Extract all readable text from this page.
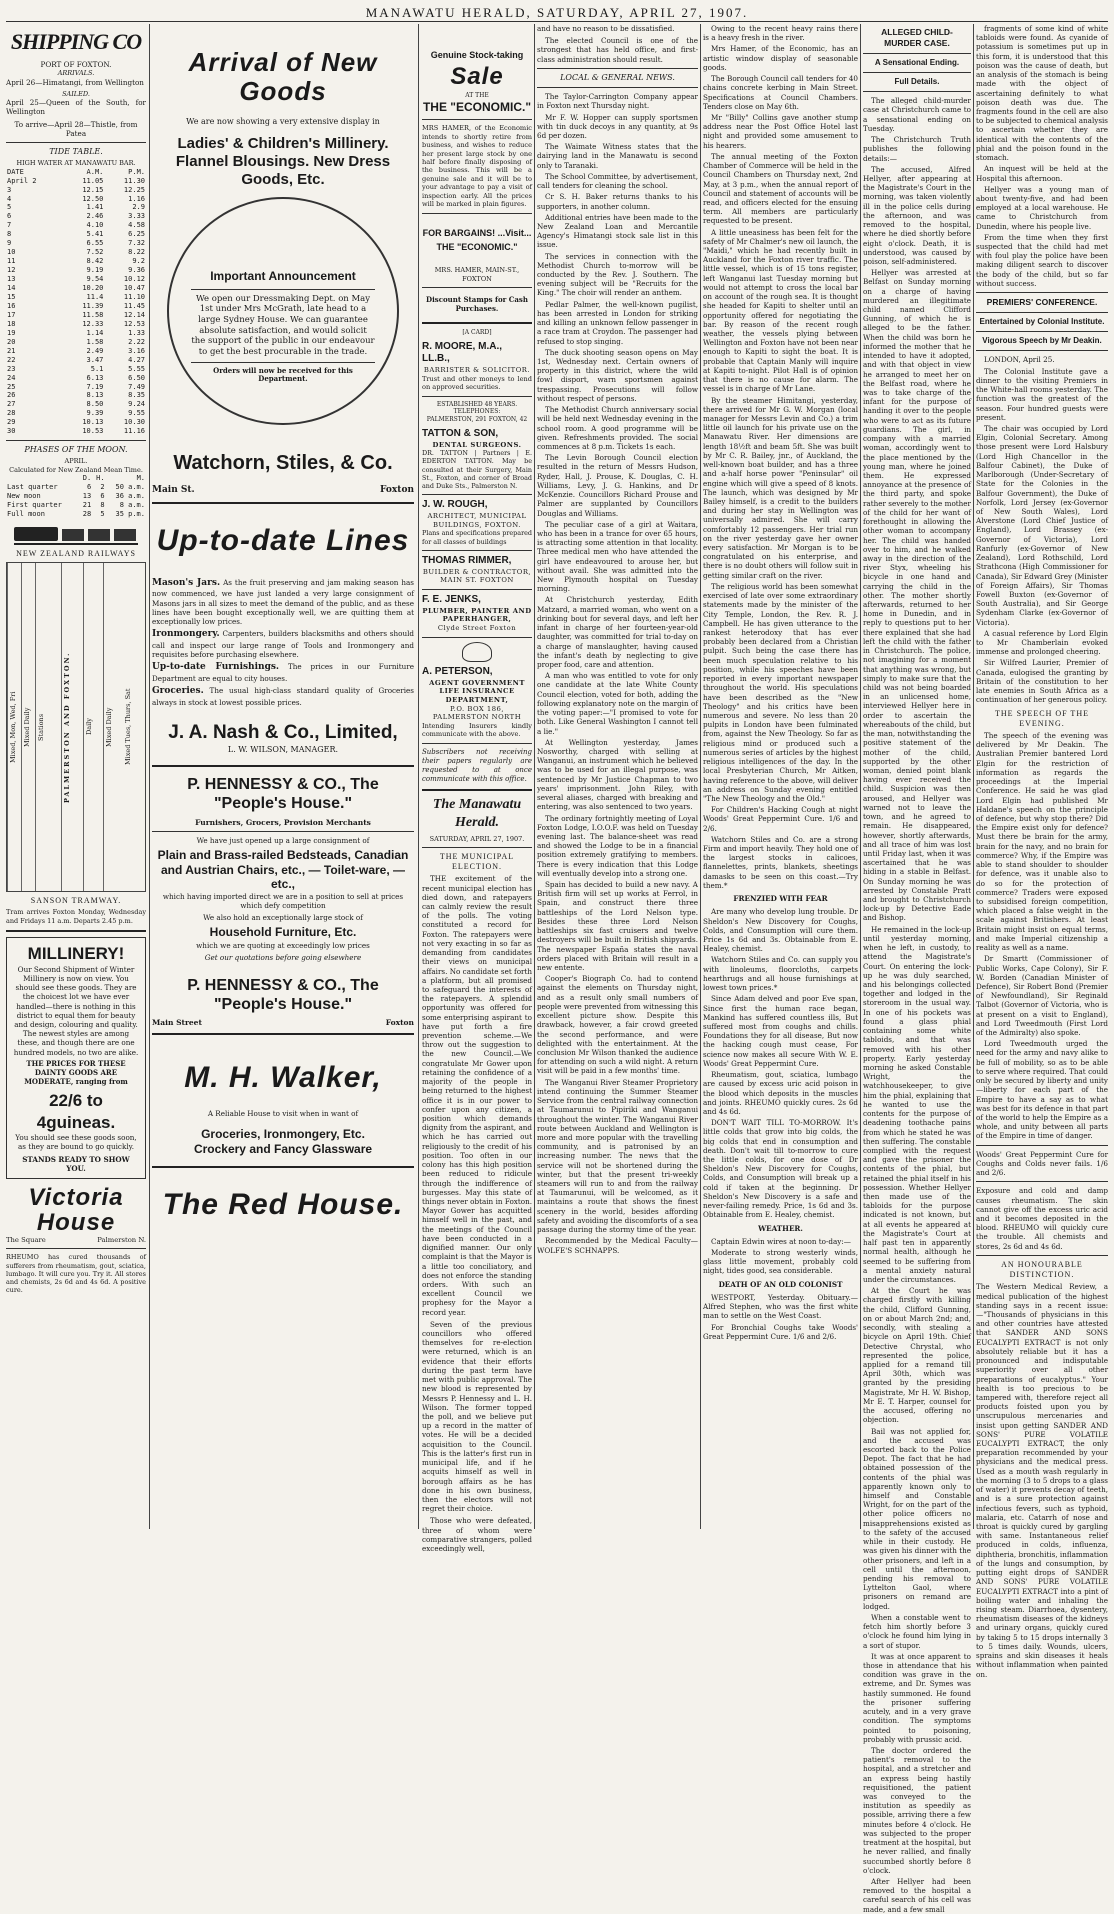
MANAWATU HERALD, SATURDAY, APRIL 27, 1907.
SHIPPING CO
PORT OF FOXTON.
ARRIVALS.

April 26—Himatangi, from Wellington

SAILED.

April 25—Queen of the South, for Wellington

To arrive—April 28—Thistle, from Patea

TIDE TABLE.
HIGH WATER AT MANAWATU BAR.
DATE	A.M.	P.M.
April 2	11.05	11.30
3	12.15	12.25
4	12.50	1.16
5	1.41	2.9
6	2.46	3.33
7	4.10	4.58
8	5.41	6.25
9	6.55	7.32
10	7.52	8.22
11	8.42	9.2
12	9.19	9.36
13	9.54	10.12
14	10.20	10.47
15	11.4	11.10
16	11.39	11.45
17	11.58	12.14
18	12.33	12.53
19	1.14	1.33
20	1.58	2.22
21	2.49	3.16
22	3.47	4.27
23	5.1	5.55
24	6.13	6.50
25	7.19	7.49
26	8.13	8.35
27	8.50	9.24
28	9.39	9.55
29	10.13	10.30
30	10.53	11.16
PHASES OF THE MOON.
APRIL.
Calculated for New Zealand Mean Time.
	D.	H.	M.
Last quarter	6	2	50 a.m.
New moon	13	6	36 a.m.
First quarter	21	8	8 a.m.
Full moon	28	5	35 p.m.
NEW ZEALAND RAILWAYS
Mixed, Mon, Wed, Fri Mixed Daily Stations	PALMERSTON AND FOXTON.	Daily	Mixed Daily	Mixed Tues, Thurs, Sat
SANSON TRAMWAY.

Tram arrives Foxton Monday, Wednesday and Fridays 11 a.m. Departs 2.45 p.m.

MILLINERY!

Our Second Shipment of Winter Millinery is now on view. You should see these goods. They are the choicest lot we have ever handled—there is nothing in this district to equal them for beauty and design, colouring and quality. The newest styles are among these, and though there are one hundred models, no two are alike.

THE PRICES FOR THESE DAINTY GOODS ARE MODERATE, ranging from

22/6 to 4guineas.

You should see these goods soon, as they are bound to go quickly.

STANDS READY TO SHOW YOU.
Victoria House
The Square	Palmerston N.

RHEUMO has cured thousands of sufferers from rheumatism, gout, sciatica, lumbago. It will cure you. Try it. All stores and chemists, 2s 6d and 4s 6d. A positive cure.

Arrival of New Goods

We are now showing a very extensive display in

Ladies' & Children's Millinery. Flannel Blousings. New Dress Goods, Etc.
Important Announcement

We open our Dressmaking Dept. on May 1st under Mrs McGrath, late head to a large Sydney House. We can guarantee absolute satisfaction, and would solicit the support of the public in our endeavour to get the best procurable in the trade.

Orders will now be received for this Department.
Watchorn, Stiles, & Co.
Main St.	Foxton
Up-to-date Lines

Mason's Jars. As the fruit preserving and jam making season has now commenced, we have just landed a very large consignment of Masons jars in all sizes to meet the demand of the public, and as these lines have been bought exceptionally well, we are quitting them at exceptionally low prices.

Ironmongery. Carpenters, builders blacksmiths and others should call and inspect our large range of Tools and Ironmongery and requisites before purchasing elsewhere.

Up-to-date Furnishings. The prices in our Furniture Department are equal to city houses.

Groceries. The usual high-class standard quality of Groceries always in stock at lowest possible prices.

J. A. Nash & Co., Limited,
L. W. WILSON, MANAGER.
P. HENNESSY & CO., The "People's House."
Furnishers, Grocers, Provision Merchants

We have just opened up a large consignment of

Plain and Brass-railed Bedsteads, Canadian and Austrian Chairs, etc., — Toilet-ware, — etc.,

which having imported direct we are in a position to sell at prices which defy competition

We also hold an exceptionally large stock of

Household Furniture, Etc.

which we are quoting at exceedingly low prices

Get our quotations before going elsewhere

P. HENNESSY & CO., The "People's House."
Main Street	Foxton
M. H. Walker,

A Reliable House to visit when in want of

Groceries, Ironmongery, Etc. Crockery and Fancy Glassware
The Red House.
Genuine Stock-taking
Sale
AT THE
THE "ECONOMIC."

MRS HAMER, of the Economic intends to shortly retire from business, and wishes to reduce her present large stock by one half before finally disposing of the business. This will be a genuine sale and it will be to your advantage to pay a visit of inspection early. All the prices will be marked in plain figures.

FOR BARGAINS! ...Visit... THE "ECONOMIC."
MRS. HAMER, MAIN-ST., FOXTON
Discount Stamps for Cash Purchases.
[A CARD]
R. MOORE, M.A., LL.B.,
BARRISTER & SOLICITOR.

Trust and other moneys to lend on approved securities.

ESTABLISHED 48 YEARS.
TELEPHONES:
PALMERSTON, 291 FOXTON, 42
TATTON & SON,
DENTAL SURGEONS.

DR. TATTON | Partners | E. EDERTON TATTON. May be consulted at their Surgery, Main St., Foxton, and corner of Broad and Duke Sts., Palmerston N.

J. W. ROUGH,
ARCHITECT, MUNICIPAL BUILDINGS, FOXTON.

Plans and specifications prepared for all classes of buildings

THOMAS RIMMER,
BUILDER & CONTRACTOR,
MAIN ST. FOXTON
F. E. JENKS,
PLUMBER, PAINTER AND PAPERHANGER,
Clyde Street Foxton
A. PETERSON,
AGENT GOVERNMENT LIFE INSURANCE DEPARTMENT,
P.O. BOX 186, PALMERSTON NORTH

Intending Insurers kindly communicate with the above.

Subscribers not receiving their papers regularly are requested to at once communicate with this office.

The Manawatu Herald.
SATURDAY, APRIL 27, 1907.
THE MUNICIPAL ELECTION.

THE excitement of the recent municipal election has died down, and ratepayers can calmly review the result of the polls. The voting constituted a record for Foxton. The ratepayers were not very exacting in so far as demanding from candidates their views on municipal affairs. No candidate set forth a platform, but all promised to safeguard the interests of the ratepayers. A splendid opportunity was offered for some enterprising aspirant to have put forth a fire prevention scheme.—We throw out the suggestion to the new Council.—We congratulate Mr Gower upon retaining the confidence of a majority of the people in being returned to the highest office it is in our power to confer upon any citizen, a position which demands dignity from the aspirant, and which he has carried out religiously to the credit of his position. Too often in our colony has this high position been reduced to ridicule through the indifference of burgesses. May this state of things never obtain in Foxton. Mayor Gower has acquitted himself well in the past, and the meetings of the Council have been conducted in a dignified manner. Our only complaint is that the Mayor is a little too conciliatory, and does not enforce the standing orders. With such an excellent Council we prophesy for the Mayor a record year.

Seven of the previous councillors who offered themselves for re-election were returned, which is an evidence that their efforts during the past term have met with public approval. The new blood is represented by Messrs P. Hennessy and L. H. Wilson. The former topped the poll, and we believe put up a record in the matter of votes. He will be a decided acquisition to the Council. This is the latter's first run in municipal life, and if he acquits himself as well in borough affairs as he has done in his own business, then the electors will not regret their choice.

Those who were defeated, three of whom were comparative strangers, polled exceedingly well,

and have no reason to be dissatisfied.

The elected Council is one of the strongest that has held office, and first-class administration should result.

LOCAL & GENERAL NEWS.

The Taylor-Carrington Company appear in Foxton next Thursday night.

Mr F. W. Hopper can supply sportsmen with tin duck decoys in any quantity, at 9s 6d per dozen.

The Waimate Witness states that the dairying land in the Manawatu is second only to Taranaki.

The School Committee, by advertisement, call tenders for cleaning the school.

Cr S. H. Baker returns thanks to his supporters, in another column.

Additional entries have been made to the New Zealand Loan and Mercantile Agency's Himatangi stock sale list in this issue.

The services in connection with the Methodist Church to-morrow will be conducted by the Rev. J. Southern. The evening subject will be "Recruits for the King." The choir will render an anthem.

Pedlar Palmer, the well-known pugilist, has been arrested in London for striking and killing an unknown fellow passenger in a race tram at Croydon. The passenger had refused to stop singing.

The duck shooting season opens on May 1st, Wednesday next. Certain owners of property in this district, where the wild fowl disport, warn sportsmen against trespassing. Prosecutions will follow without respect of persons.

The Methodist Church anniversary social will be held next Wednesday evening in the school room. A good programme will be given. Refreshments provided. The social commences at 8 p.m. Tickets 1s each.

The Levin Borough Council election resulted in the return of Messrs Hudson, Ryder, Hall, J. Prouse, K. Douglas, C. H. Williams, Levy, J. G. Hankins, and Dr McKenzie. Councillors Richard Prouse and Palmer are supplanted by Councillors Douglas and Williams.

The peculiar case of a girl at Waitara, who has been in a trance for over 65 hours, is attracting some attention in that locality. Three medical men who have attended the girl have endeavoured to arouse her, but without avail. She was admitted into the New Plymouth hospital on Tuesday morning.

At Christchurch yesterday, Edith Matzard, a married woman, who went on a drinking bout for several days, and left her infant in charge of her fourteen-year-old daughter, was committed for trial to-day on a charge of manslaughter, having caused the infant's death by neglecting to give proper food, care and attention.

A man who was entitled to vote for only one candidate at the late White County Council election, voted for both, adding the following explanatory note on the margin of the voting paper:—"I promised to vote for both. Like General Washington I cannot tell a lie."

At Wellington yesterday, James Nosworthy, charged with selling at Wanganui, an instrument which he believed was to be used for an illegal purpose, was sentenced by Mr Justice Chapman to two years' imprisonment. John Riley, with several aliases, charged with breaking and entering, was also sentenced to two years.

The ordinary fortnightly meeting of Loyal Foxton Lodge, I.O.O.F. was held on Tuesday evening last. The balance-sheet was read and showed the Lodge to be in a financial position extremely gratifying to members. There is every indication that this Lodge will eventually develop into a strong one.

Spain has decided to build a new navy. A British firm will set up works at Ferrol, in Spain, and construct there three battleships of the Lord Nelson type. Besides these three Lord Nelson battleships six fast cruisers and twelve destroyers will be built in British shipyards. The newspaper España states the naval orders placed with Britain will result in a new entente.

Cooper's Biograph Co. had to contend against the elements on Thursday night, and as a result only small numbers of people were prevented from witnessing this excellent picture show. Despite this drawback, however, a fair crowd greeted the second performance, and were delighted with the entertainment. At the conclusion Mr Wilson thanked the audience for attending on such a wild night. A return visit will be paid in a few months' time.

The Wanganui River Steamer Proprietory intend continuing the Summer Steamer Service from the central railway connection at Taumarunui to Pipiriki and Wanganui throughout the winter. The Wanganui River route between Auckland and Wellington is more and more popular with the travelling community, and is patronised by an increasing number. The news that the service will not be shortened during the winter, but that the present tri-weekly steamers will run to and from the railway at Taumarunui, will be welcomed, as it maintains a route that shows the finest scenery in the world, besides affording safety and avoiding the discomforts of a sea passage during the stormy time of the year.

Recommended by the Medical Faculty—WOLFE'S SCHNAPPS.

Owing to the recent heavy rains there is a heavy fresh in the river.

Mrs Hamer, of the Economic, has an artistic window display of seasonable goods.

The Borough Council call tenders for 40 chains concrete kerbing in Main Street. Specifications at Council Chambers. Tenders close on May 6th.

Mr "Billy" Collins gave another stump address near the Post Office Hotel last night and provided some amusement to his hearers.

The annual meeting of the Foxton Chamber of Commerce will be held in the Council Chambers on Thursday next, 2nd May, at 3 p.m., when the annual report of Council and statement of accounts will be read, and officers elected for the ensuing term. All members are particularly requested to be present.

A little uneasiness has been felt for the safety of Mr Chalmer's new oil launch, the "Maidi," which he had recently built in Auckland for the Foxton river traffic. The little vessel, which is of 15 tons register, left Wanganui last Tuesday morning but would not attempt to cross the local bar on account of the rough sea. It is thought she headed for Kapiti to shelter until an opportunity offered for negotiating the bar. By reason of the recent rough weather, the vessels plying between Wellington and Foxton have not been near enough to Kapiti to sight the boat. It is probable that Captain Manly will inquire at Kapiti to-night. Pilot Hall is of opinion that there is no cause for alarm. The vessel is in charge of Mr Lane.

By the steamer Himitangi, yesterday, there arrived for Mr G. W. Morgan (local manager for Messrs Levin and Co.) a trim little oil launch for his private use on the Manawatu River. Her dimensions are length 18½ft and beam 5ft. She was built by Mr C. R. Bailey, jnr., of Auckland, the well-known boat builder, and has a three and a-half horse power "Peninsular" oil engine which will give a speed of 8 knots. The launch, which was designed by Mr Bailey himself, is a credit to the builders and during her stay in Wellington was universally admired. She will carry comfortably 12 passengers. Her trial run on the river yesterday gave her owner every satisfaction. Mr Morgan is to be congratulated on his enterprise, and there is no doubt others will follow suit in getting similar craft on the river.

The religious world has been somewhat exercised of late over some extraordinary statements made by the minister of the City Temple, London, the Rev. R. J. Campbell. He has given utterance to the rankest heterodoxy that has ever probably been declared from a Christian pulpit. Such being the case there has been much speculation relative to his position, while his speeches have been reported in every important newspaper throughout the world. His speculations have been described as the "New Theology" and his critics have been numerous and severe. No less than 20 pulpits in London have been fulminated from, against the New Theology. So far as religious mind or produced such a numerous series of articles by the highest religious intelligences of the day. In the local Presbyterian Church, Mr Aitken, having reference to the above, will deliver an address on Sunday evening entitled "The New Theology and the Old."

For Children's Hacking Cough at night Woods' Great Peppermint Cure. 1/6 and 2/6.

Watchorn Stiles and Co. are a strong Firm and import heavily. They hold one of the largest stocks in calicoes, flannelettes, prints, blankets, sheetings damasks to be seen on this coast.—Try them.*

FRENZIED WITH FEAR

Are many who develop lung trouble. Dr Sheldon's New Discovery for Coughs, Colds, and Consumption will cure them. Price 1s 6d and 3s. Obtainable from E. Healey, chemist.

Watchorn Stiles and Co. can supply you with linoleums, floorcloths, carpets hearthrugs and all house furnishings at lowest town prices.*

Since Adam delved and poor Eve span, Since first the human race began, Mankind has suffered countless ills, But suffered most from coughs and chills. Foundations they for all disease, But now the hacking cough must cease, For science now makes all secure With W. E. Woods' Great Peppermint Cure.

Rheumatism, gout, sciatica, lumbago are caused by excess uric acid poison in the blood which deposits in the muscles and joints. RHEUMO quickly cures. 2s 6d and 4s 6d.

DON'T WAIT TILL TO-MORROW. It's little colds that grow into big colds, the big colds that end in consumption and death. Don't wait till to-morrow to cure the little colds, for one dose of Dr Sheldon's New Discovery for Coughs, Colds, and Consumption will break up a cold if taken at the beginning. Dr Sheldon's New Discovery is a safe and never-failing remedy. Price, 1s 6d and 3s. Obtainable from E. Healey, chemist.

WEATHER.

Captain Edwin wires at noon to-day:—

Moderate to strong westerly winds, glass little movement, probably cold night, tides good, sea considerable.

DEATH OF AN OLD COLONIST

WESTPORT, Yesterday. Obituary.—Alfred Stephen, who was the first white man to settle on the West Coast.

For Bronchial Coughs take Woods' Great Peppermint Cure. 1/6 and 2/6.

ALLEGED CHILD-MURDER CASE.
A Sensational Ending.
Full Details.

The alleged child-murder case at Christchurch came to a sensational ending on Tuesday.

The Christchurch Truth publishes the following details:—

The accused, Alfred Hellyer, after appearing at the Magistrate's Court in the morning, was taken violently ill in the police cells during the afternoon, and was removed to the hospital, where he died shortly before eight o'clock. Death, it is understood, was caused by poison, self-administered.

Hellyer was arrested at Belfast on Sunday morning on a charge of having murdered an illegitimate child named Clifford Gunning, of which he is alleged to be the father. When the child was born he informed the mother that he intended to have it adopted, and with that object in view he arranged to meet her on the Belfast road, where he was to take charge of the infant for the purpose of handing it over to the people who were to act as its future guardians. The girl, in company with a married woman, accordingly went to the place mentioned by the young man, where he joined them. He expressed annoyance at the presence of the third party, and spoke rather severely to the mother of the child for her want of forethought in allowing the other woman to accompany her. The child was handed over to him, and he walked away in the direction of the river Styx, wheeling his bicycle in one hand and carrying the child in the other. The mother shortly afterwards, returned to her home in Dunedin, and in reply to questions put to her there explained that she had left the child with the father in Christchurch. The police, not imagining for a moment that anything was wrong, but simply to make sure that the child was not being boarded in an unlicensed home, interviewed Hellyer here in order to ascertain the whereabouts of the child, but the man, notwithstanding the positive statement of the mother of the child, supported by the other woman, denied point blank having ever received the child. Suspicion was then aroused, and Hellyer was warned not to leave the town, and he agreed to remain. He disappeared, however, shortly afterwards, and all trace of him was lost until Friday last, when it was ascertained that he was hiding in a stable in Belfast. On Sunday morning he was arrested by Constable Pratt and brought to Christchurch lock-up by Detective Eade and Bishop.

He remained in the lock-up until yesterday morning, when he left, in custody, to attend the Magistrate's Court. On entering the lock-up he was duly searched, and his belongings collected together and lodged in the storeroom in the usual way. In one of his pockets was found a glass phial containing some white tabloids, and that was removed with his other property. Early yesterday morning he asked Constable Wright, the watchhousekeeper, to give him the phial, explaining that he wanted to use the contents for the purpose of deadening toothache pains from which he stated he was then suffering. The constable complied with the request and gave the prisoner the contents of the phial, but retained the phial itself in his possession. Whether Hellyer then made use of the tabloids for the purpose indicated is not known, but at all events he appeared at the Magistrate's Court at half past ten in apparently normal health, although he seemed to be suffering from a mental anxiety natural under the circumstances.

At the Court he was charged firstly with killing the child, Clifford Gunning, on or about March 2nd; and, secondly, with stealing a bicycle on April 19th. Chief Detective Chrystal, who represented the police, applied for a remand till April 30th, which was granted by the presiding Magistrate, Mr H. W. Bishop, Mr E. T. Harper, counsel for the accused, offering no objection.

Bail was not applied for, and the accused was escorted back to the Police Depot. The fact that he had obtained possession of the contents of the phial was apparently known only to himself and Constable Wright, for on the part of the other police officers no misapprehensions existed as to the safety of the accused while in their custody. He was given his dinner with the other prisoners, and left in a cell until the afternoon, pending his removal to Lyttelton Gaol, where prisoners on remand are lodged.

When a constable went to fetch him shortly before 3 o'clock he found him lying in a sort of stupor.

It was at once apparent to those in attendance that his condition was grave in the extreme, and Dr. Symes was hastily summoned. He found the prisoner suffering acutely, and in a very grave condition. The symptoms pointed to poisoning, probably with prussic acid.

The doctor ordered the patient's removal to the hospital, and a stretcher and an express being hastily requisitioned, the patient was conveyed to the institution as speedily as possible, arriving there a few minutes before 4 o'clock. He was subjected to the proper treatment at the hospital, but he never rallied, and finally succumbed shortly before 8 o'clock.

After Hellyer had been removed to the hospital a careful search of his cell was made, and a few small

fragments of some kind of white tabloids were found. As cyanide of potassium is sometimes put up in this form, it is understood that this poison was the cause of death, but an analysis of the stomach is being made with the object of ascertaining definitely to what poison death was due. The fragments found in the cell are also to be subjected to chemical analysis to ascertain whether they are identical with the contents of the phial and the poison found in the stomach.

An inquest will be held at the Hospital this afternoon.

Hellyer was a young man of about twenty-five, and had been employed at a local warehouse. He came to Christchurch from Dunedin, where his people live.

From the time when they first suspected that the child had met with foul play the police have been making diligent search to discover the body of the child, but so far without success.

PREMIERS' CONFERENCE.
Entertained by Colonial Institute.
Vigorous Speech by Mr Deakin.

LONDON, April 25.

The Colonial Institute gave a dinner to the visiting Premiers in the White-hall rooms yesterday. The function was the greatest of the season. Four hundred guests were present.

The chair was occupied by Lord Elgin, Colonial Secretary. Among those present were Lord Halsbury (Lord High Chancellor in the Balfour Cabinet), the Duke of Marlborough (Under-Secretary of State for the Colonies in the Balfour Government), the Duke of Norfolk, Lord Jersey (ex-Governor of New South Wales), Lord Alverstone (Lord Chief Justice of England), Lord Brassey (ex-Governor of Victoria), Lord Ranfurly (ex-Governor of New Zealand), Lord Rothschild, Lord Strathcona (High Commissioner for Canada), Sir Edward Grey (Minister of Foreign Affairs), Sir Thomas Fowell Buxton (ex-Governor of South Australia), and Sir George Sydenham Clarke (ex-Governor of Victoria).

A casual reference by Lord Elgin to Mr Chamberlain evoked immense and prolonged cheering.

Sir Wilfred Laurier, Premier of Canada, eulogised the granting by Britain of the constitution to her late enemies in South Africa as a continuation of her generous policy.

THE SPEECH OF THE EVENING.

The speech of the evening was delivered by Mr Deakin. The Australian Premier bantered Lord Elgin for the restriction of information as regards the proceedings at the Imperial Conference. He said he was glad Lord Elgin had published Mr Haldane's speech on the principle of defence, but why stop there? Did the Empire exist only for defence? Must there be brain for the army, brain for the navy, and no brain for commerce? Why, if the Empire was able to stand shoulder to shoulder for defence, was it unable also to do so for the protection of commerce? Traders were exposed to subsidised foreign competition, which placed a false weight in the scale against Britishers. At least Britain might insist on equal terms, and make Imperial citizenship a reality as well as a name.

Dr Smartt (Commissioner of Public Works, Cape Colony), Sir F. W. Borden (Canadian Minister of Defence), Sir Robert Bond (Premier of Newfoundland), Sir Reginald Talbot (Governor of Victoria, who is at present on a visit to England), and Lord Tweedmouth (First Lord of the Admiralty) also spoke.

Lord Tweedmouth urged the need for the army and navy alike to be full of mobility, so as to be able to serve where required. That could only be secured by liberty and unity—liberty for each part of the Empire to have a say as to what was best for its defence in that part of the world to help the Empire as a whole, and unity between all parts of the Empire in time of danger.

Woods' Great Peppermint Cure for Coughs and Colds never fails. 1/6 and 2/6.

Exposure and cold and damp causes rheumatism. The skin cannot give off the excess uric acid and it becomes deposited in the blood. RHEUMO will quickly cure the trouble. All chemists and stores, 2s 6d and 4s 6d.

AN HONOURABLE DISTINCTION.

The Western Medical Review, a medical publication of the highest standing says in a recent issue:—"Thousands of physicians in this and other countries have attested that SANDER AND SONS EUCALYPTI EXTRACT is not only absolutely reliable but it has a pronounced and indisputable superiority over all other preparations of eucalyptus." Your health is too precious to be tampered with, therefore reject all products foisted upon you by unscrupulous mercenaries and insist upon getting SANDER AND SONS' PURE VOLATILE EUCALYPTI EXTRACT, the only preparation recommended by your physicians and the medical press. Used as a mouth wash regularly in the morning (3 to 5 drops to a glass of water) it prevents decay of teeth, and is a sure protection against infectious fevers, such as typhoid, malaria, etc. Catarrh of nose and throat is quickly cured by gargling with same. Instantaneous relief produced in colds, influenza, diphtheria, bronchitis, inflammation of the lungs and consumption, by putting eight drops of SANDER AND SONS' PURE VOLATILE EUCALYPTI EXTRACT into a pint of boiling water and inhaling the rising steam. Diarrhoea, dysentery, rheumatism diseases of the kidneys and urinary organs, quickly cured by taking 5 to 15 drops internally 3 to 5 times daily. Wounds, ulcers, sprains and skin diseases it heals without inflammation when painted on.
